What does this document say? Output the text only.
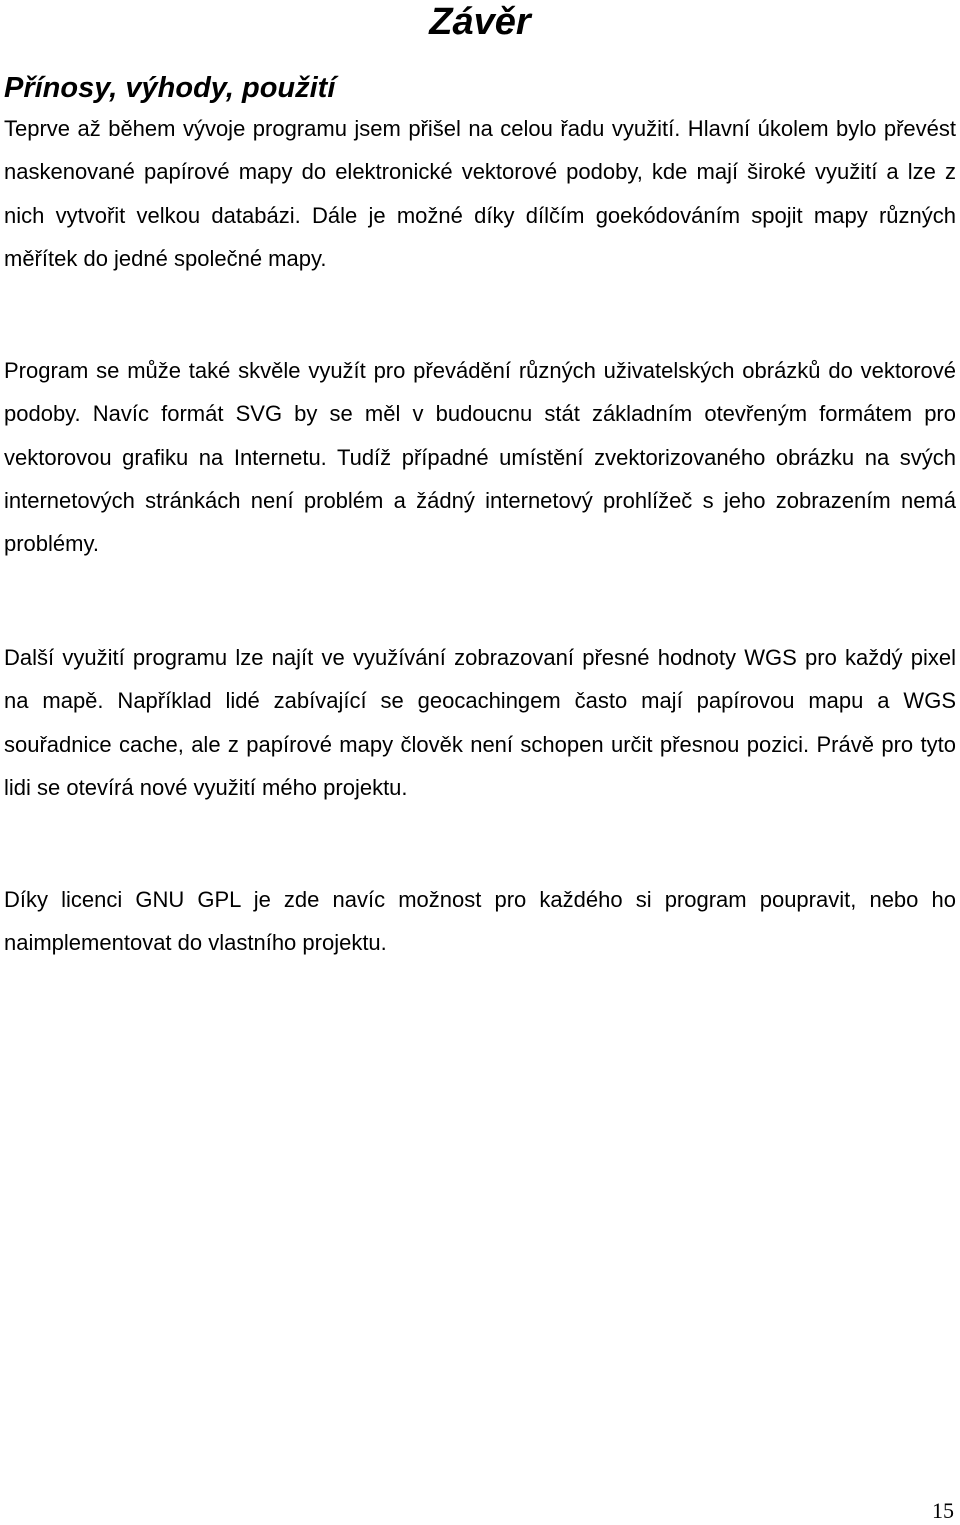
Závěr
Přínosy, výhody, použití

Teprve až během vývoje programu jsem přišel na celou řadu využití. Hlavní úkolem bylo převést naskenované papírové mapy do elektronické vektorové podoby, kde mají široké využití a lze z nich vytvořit velkou databázi. Dále je možné díky dílčím goekódováním spojit mapy různých měřítek do jedné společné mapy.

Program se může také skvěle využít pro převádění různých uživatelských obrázků do vektorové podoby. Navíc formát SVG by se měl v budoucnu stát základním otevřeným formátem pro vektorovou grafiku na Internetu. Tudíž případné umístění zvektorizovaného obrázku na svých internetových stránkách není problém a žádný internetový prohlížeč s jeho zobrazením nemá problémy.

Další využití programu lze najít ve využívání zobrazovaní přesné hodnoty WGS pro každý pixel na mapě. Například lidé zabívající se geocachingem často mají papírovou mapu a WGS souřadnice cache, ale z papírové mapy člověk není schopen určit přesnou pozici. Právě pro tyto lidi se otevírá nové využití mého projektu.

Díky licenci GNU GPL je zde navíc možnost pro každého si program poupravit, nebo ho naimplementovat do vlastního projektu.

15
